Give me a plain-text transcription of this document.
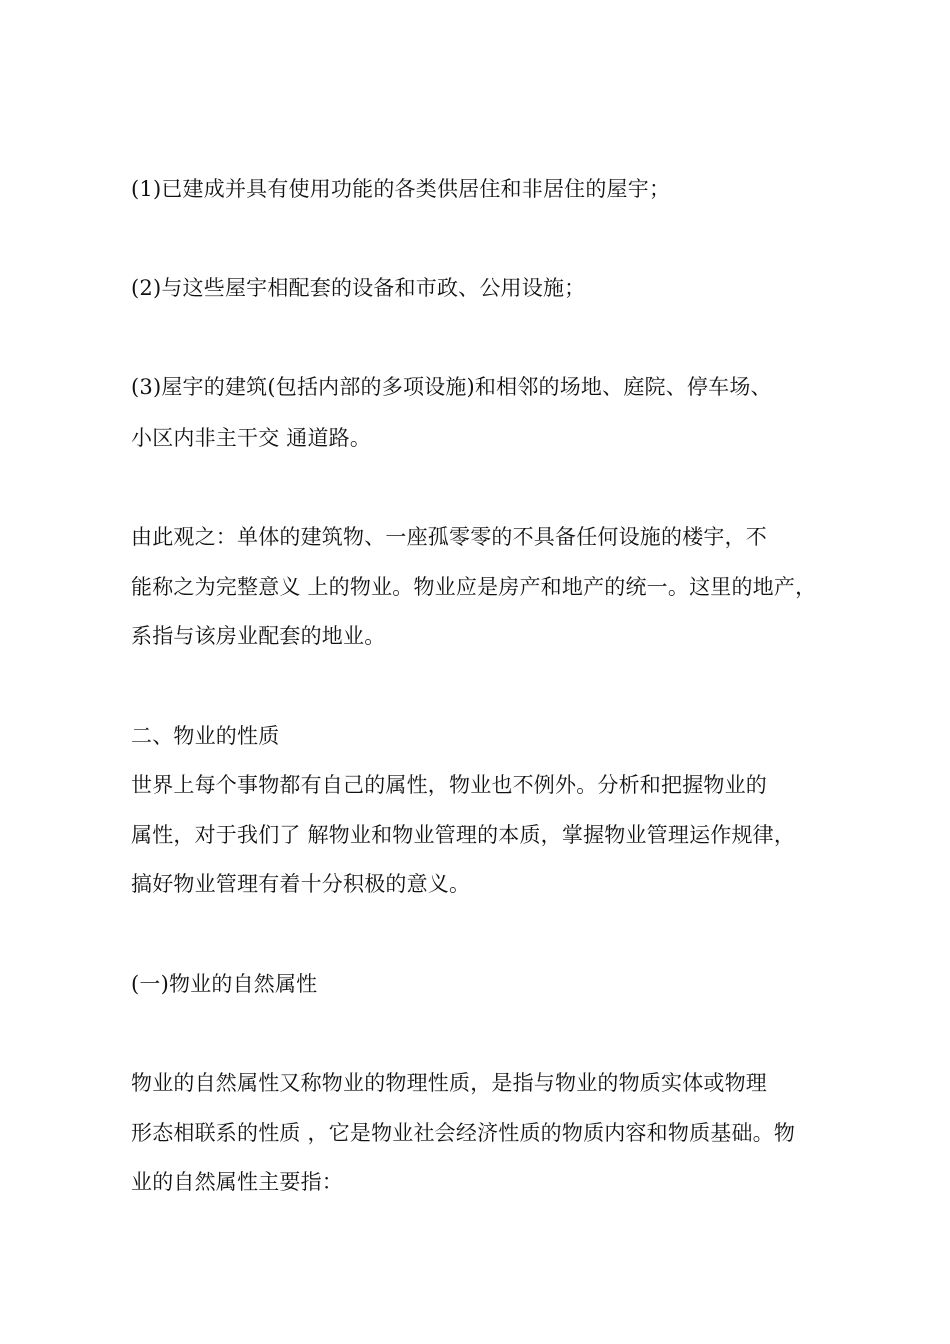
(1)已建成并具有使用功能的各类供居住和非居住的屋宇；
(2)与这些屋宇相配套的设备和市政、公用设施；
(3)屋宇的建筑(包括内部的多项设施)和相邻的场地、庭院、停车场、
小区内非主干交 通道路。
由此观之：单体的建筑物、一座孤零零的不具备任何设施的楼宇，不
能称之为完整意义 上的物业。物业应是房产和地产的统一。这里的地产，
系指与该房业配套的地业。
二、物业的性质
世界上每个事物都有自己的属性，物业也不例外。分析和把握物业的
属性，对于我们了 解物业和物业管理的本质，掌握物业管理运作规律，
搞好物业管理有着十分积极的意义。
(一)物业的自然属性
物业的自然属性又称物业的物理性质，是指与物业的物质实体或物理
形态相联系的性质 ，它是物业社会经济性质的物质内容和物质基础。物
业的自然属性主要指：
